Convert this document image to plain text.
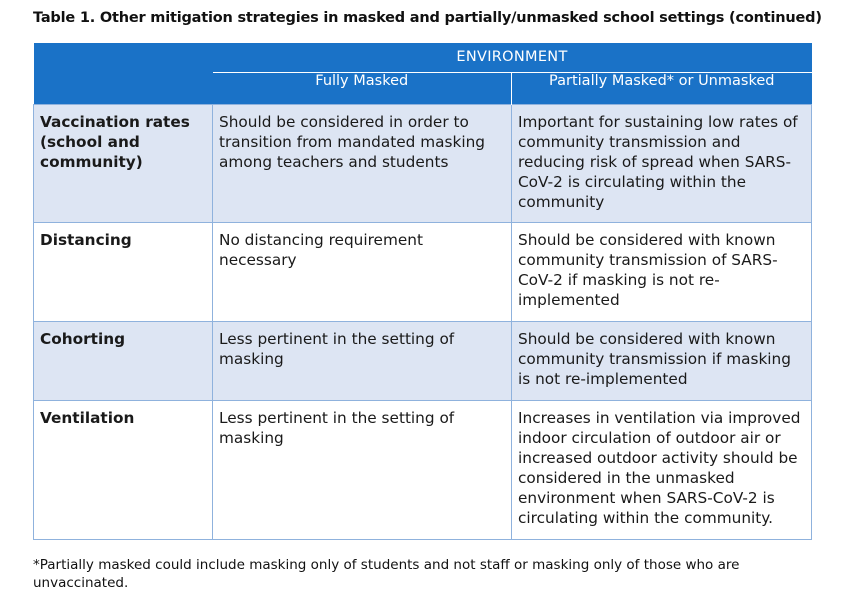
Table 1. Other mitigation strategies in masked and partially/unmasked school settings (continued)
	ENVIRONMENT	
	Fully Masked	Partially Masked* or Unmasked
Vaccination rates (school and community)	Should be considered in order to transition from mandated masking among teachers and students	Important for sustaining low rates of community transmission and reducing risk of spread when SARS-CoV-2 is circulating within the community
Distancing	No distancing requirement necessary	Should be considered with known community transmission of SARS-CoV-2 if masking is not re-implemented
Cohorting	Less pertinent in the setting of masking	Should be considered with known community transmission if masking is not re-implemented
Ventilation	Less pertinent in the setting of masking	Increases in ventilation via improved indoor circulation of outdoor air or increased outdoor activity should be considered in the unmasked environment when SARS-CoV-2 is circulating within the community.
*Partially masked could include masking only of students and not staff or masking only of those who are unvaccinated.
